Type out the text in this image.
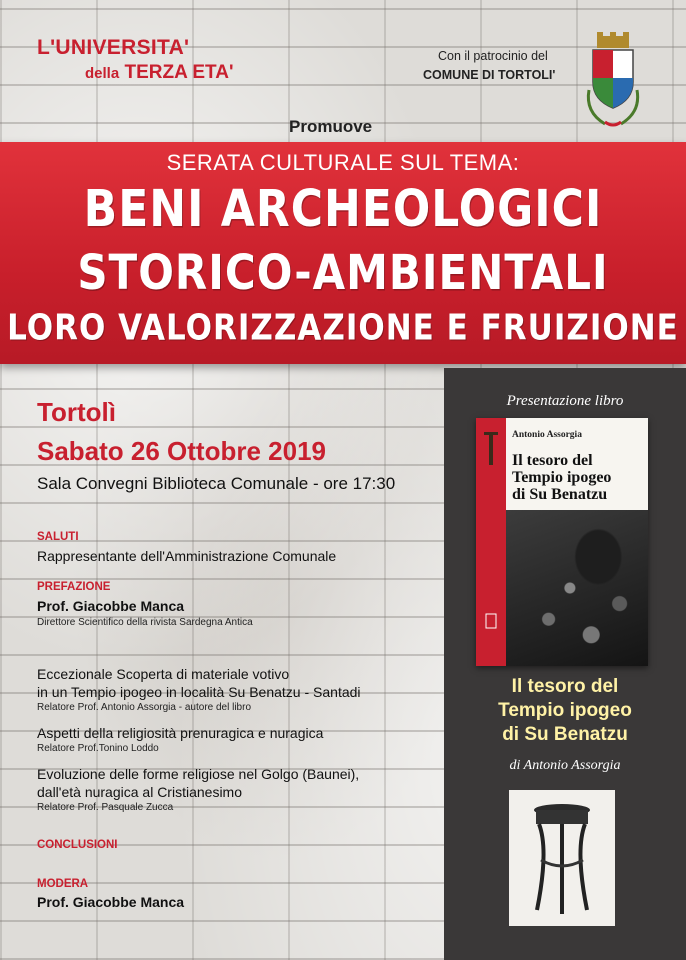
L'UNIVERSITA'
della TERZA ETA'
Con il patrocinio del
COMUNE DI TORTOLI'
Promuove
SERATA CULTURALE SUL TEMA:
BENI ARCHEOLOGICI
STORICO-AMBIENTALI
LORO VALORIZZAZIONE E FRUIZIONE
Tortolì
Sabato 26 Ottobre 2019
Sala Convegni Biblioteca Comunale - ore 17:30
SALUTI
Rappresentante dell'Amministrazione Comunale
PREFAZIONE
Prof. Giacobbe Manca
Direttore Scientifico della rivista Sardegna Antica
Eccezionale Scoperta di materiale votivo
in un Tempio ipogeo in località Su Benatzu - Santadi
Relatore Prof. Antonio Assorgia - autore del libro
Aspetti della religiosità prenuragica e nuragica
Relatore Prof.Tonino Loddo
Evoluzione delle forme religiose nel Golgo (Baunei),
dall'età nuragica al Cristianesimo
Relatore Prof. Pasquale Zucca
CONCLUSIONI
MODERA
Prof. Giacobbe Manca
Presentazione libro
Antonio Assorgia
Il tesoro del
Tempio ipogeo
di Su Benatzu
Il tesoro del
Tempio ipogeo
di Su Benatzu
di Antonio Assorgia
